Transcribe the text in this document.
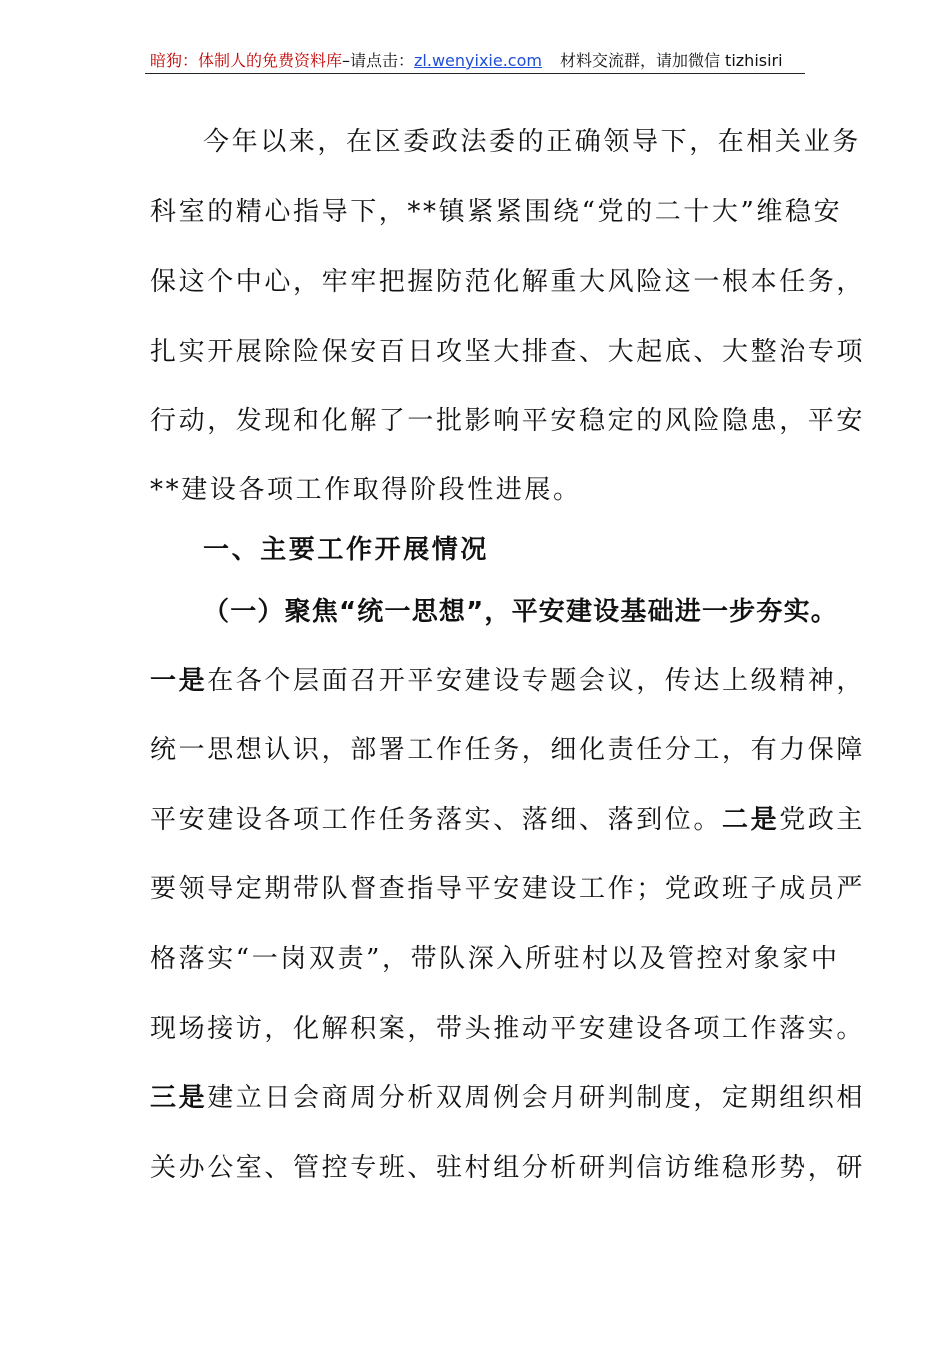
暗狗：体制人的免费资料库–请点击：zl.wenyixie.com 材料交流群，请加微信 tizhisiri
今年以来，在区委政法委的正确领导下，在相关业务
科室的精心指导下，**镇紧紧围绕“党的二十大”维稳安
保这个中心，牢牢把握防范化解重大风险这一根本任务，
扎实开展除险保安百日攻坚大排查、大起底、大整治专项
行动，发现和化解了一批影响平安稳定的风险隐患，平安
**建设各项工作取得阶段性进展。
一、主要工作开展情况
（一）聚焦“统一思想”，平安建设基础进一步夯实。
一是在各个层面召开平安建设专题会议，传达上级精神，
统一思想认识，部署工作任务，细化责任分工，有力保障
平安建设各项工作任务落实、落细、落到位。二是党政主
要领导定期带队督查指导平安建设工作；党政班子成员严
格落实“一岗双责”，带队深入所驻村以及管控对象家中
现场接访，化解积案，带头推动平安建设各项工作落实。
三是建立日会商周分析双周例会月研判制度，定期组织相
关办公室、管控专班、驻村组分析研判信访维稳形势，研
